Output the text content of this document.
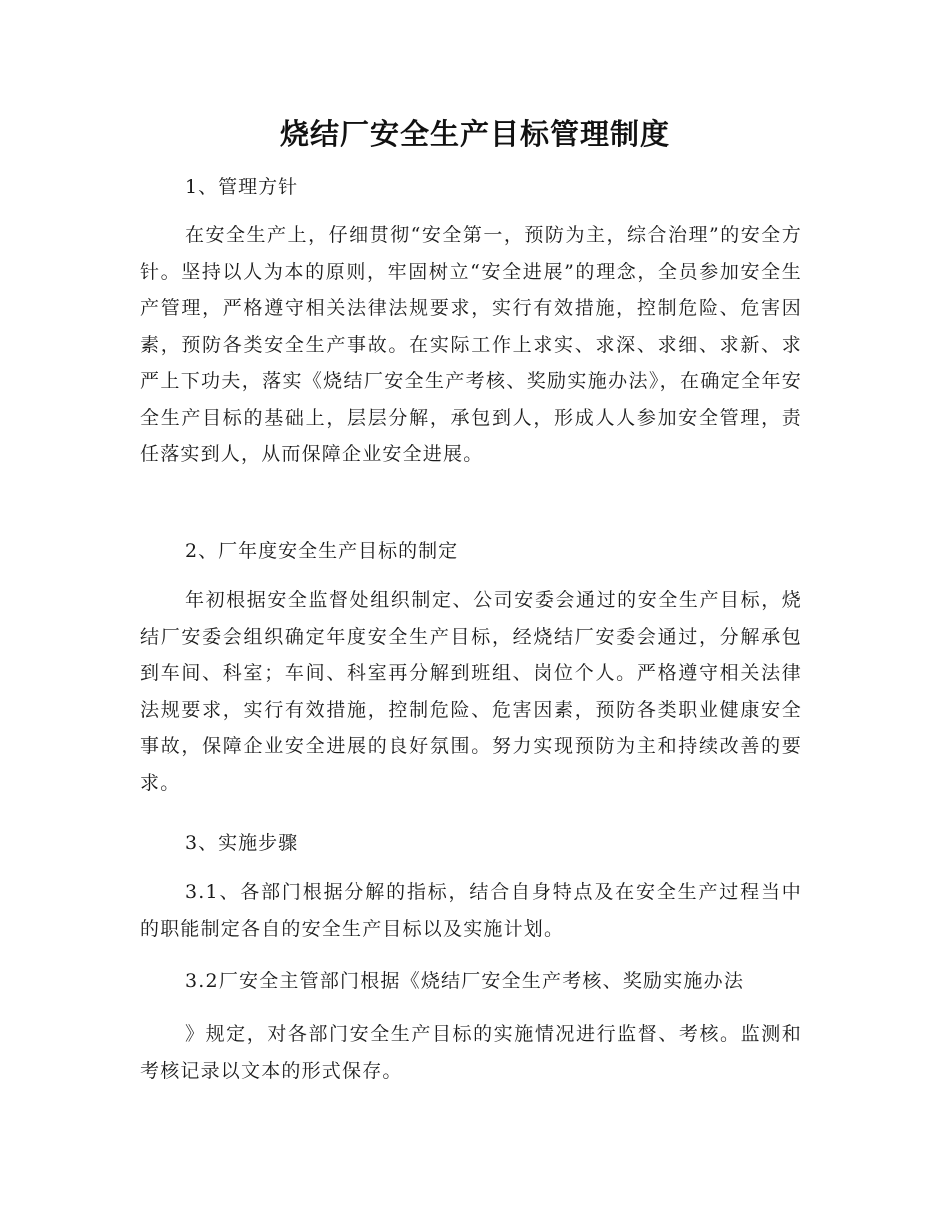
烧结厂安全生产目标管理制度

1、管理方针

在安全生产上，仔细贯彻“安全第一，预防为主，综合治理”的安全方针。坚持以人为本的原则，牢固树立“安全进展”的理念，全员参加安全生产管理，严格遵守相关法律法规要求，实行有效措施，控制危险、危害因素，预防各类安全生产事故。在实际工作上求实、求深、求细、求新、求严上下功夫，落实《烧结厂安全生产考核、奖励实施办法》，在确定全年安全生产目标的基础上，层层分解，承包到人，形成人人参加安全管理，责任落实到人，从而保障企业安全进展。

2、厂年度安全生产目标的制定

年初根据安全监督处组织制定、公司安委会通过的安全生产目标，烧结厂安委会组织确定年度安全生产目标，经烧结厂安委会通过，分解承包到车间、科室；车间、科室再分解到班组、岗位个人。严格遵守相关法律法规要求，实行有效措施，控制危险、危害因素，预防各类职业健康安全事故，保障企业安全进展的良好氛围。努力实现预防为主和持续改善的要求。

3、实施步骤

3.1、各部门根据分解的指标，结合自身特点及在安全生产过程当中的职能制定各自的安全生产目标以及实施计划。

3.2厂安全主管部门根据《烧结厂安全生产考核、奖励实施办法

》规定，对各部门安全生产目标的实施情况进行监督、考核。监测和考核记录以文本的形式保存。
